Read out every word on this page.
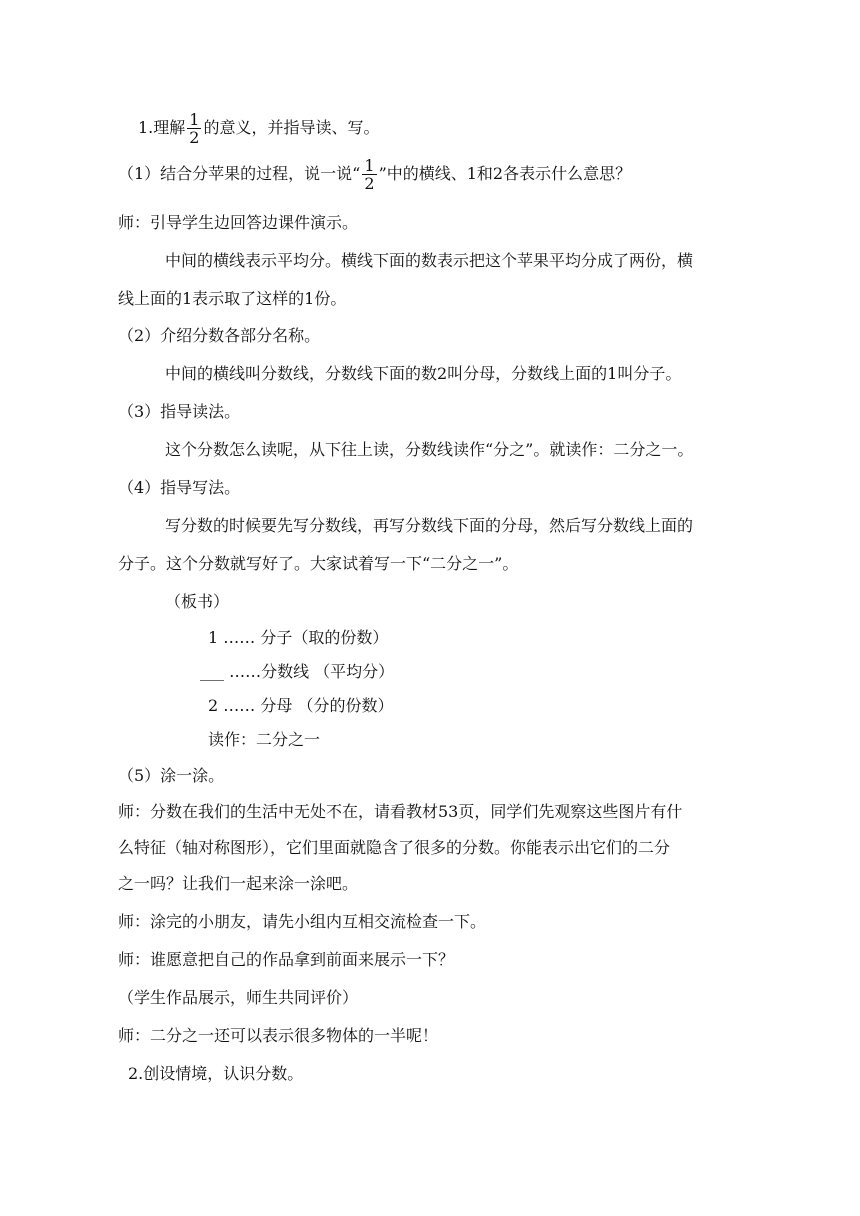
1.理解 $\frac{1}{2}$ 的意义，并指导读、写。
（1）结合分苹果的过程，说一说“ $\frac{1}{2}$ ”中的横线、1和2各表示什么意思？
师：引导学生边回答边课件演示。
中间的横线表示平均分。横线下面的数表示把这个苹果平均分成了两份，横
线上面的1表示取了这样的1份。
（2）介绍分数各部分名称。
中间的横线叫分数线，分数线下面的数2叫分母，分数线上面的1叫分子。
（3）指导读法。
这个分数怎么读呢，从下往上读，分数线读作“分之”。就读作：二分之一。
（4）指导写法。
写分数的时候要先写分数线，再写分数线下面的分母，然后写分数线上面的
分子。这个分数就写好了。大家试着写一下“二分之一”。
（板书）
1 …… 分子（取的份数）
___ ……分数线 （平均分）
2 …… 分母 （分的份数）
读作：二分之一
（5）涂一涂。
师：分数在我们的生活中无处不在，请看教材53页，同学们先观察这些图片有什
么特征（轴对称图形），它们里面就隐含了很多的分数。你能表示出它们的二分
之一吗？让我们一起来涂一涂吧。
师：涂完的小朋友，请先小组内互相交流检查一下。
师：谁愿意把自己的作品拿到前面来展示一下？
（学生作品展示，师生共同评价）
师：二分之一还可以表示很多物体的一半呢！
2.创设情境，认识分数。
